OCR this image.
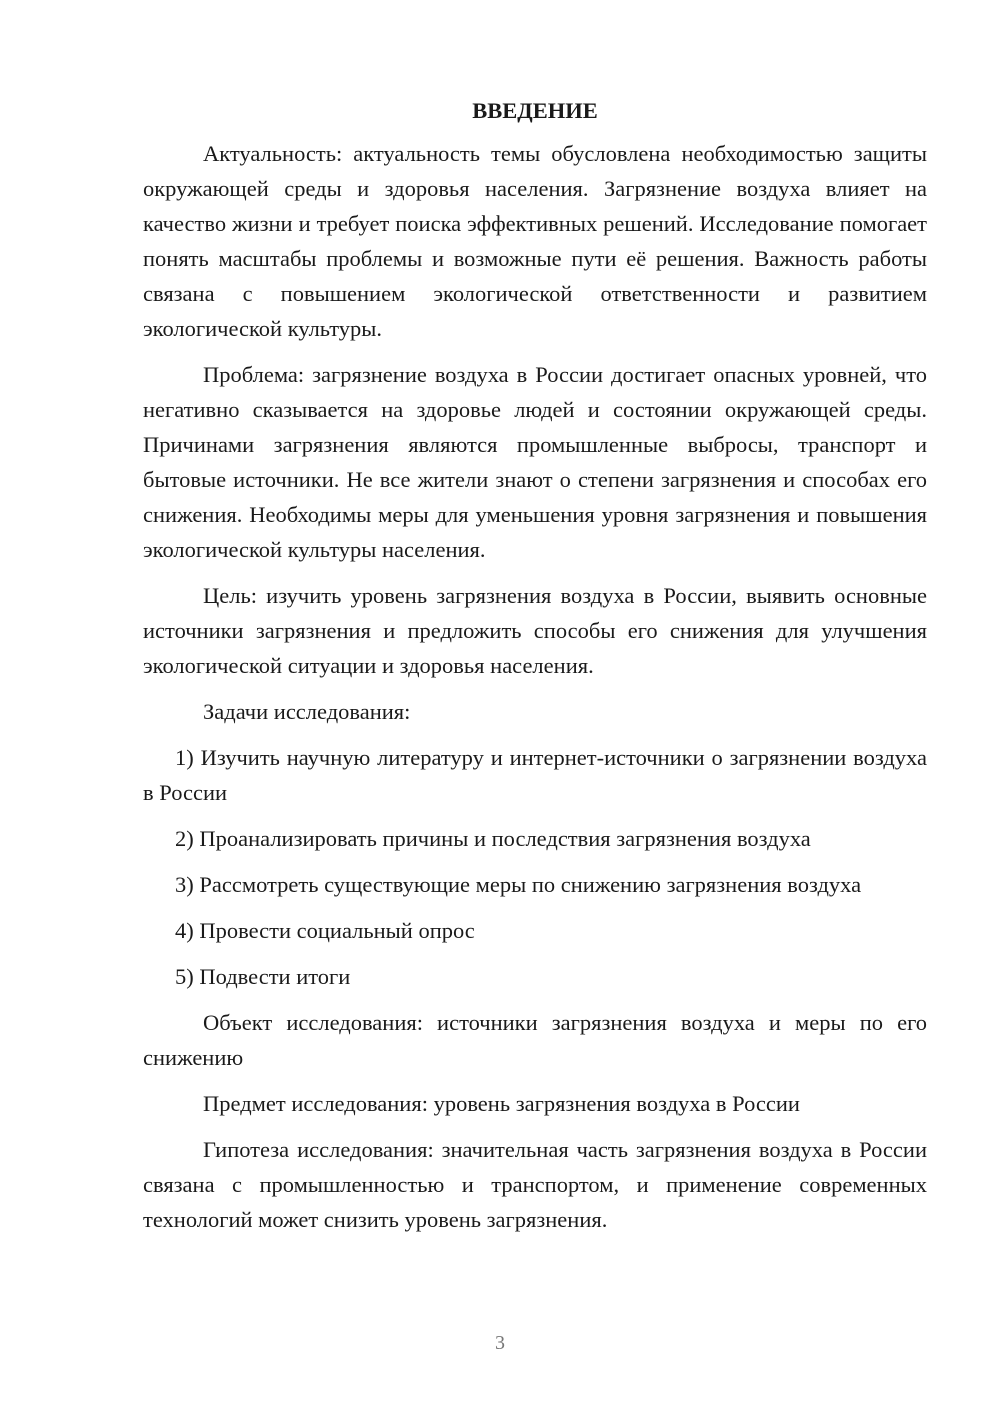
ВВЕДЕНИЕ

Актуальность: актуальность темы обусловлена необходимостью защиты окружающей среды и здоровья населения. Загрязнение воздуха влияет на качество жизни и требует поиска эффективных решений. Исследование помогает понять масштабы проблемы и возможные пути её решения. Важность работы связана с повышением экологической ответственности и развитием экологической культуры.

Проблема: загрязнение воздуха в России достигает опасных уровней, что негативно сказывается на здоровье людей и состоянии окружающей среды. Причинами загрязнения являются промышленные выбросы, транспорт и бытовые источники. Не все жители знают о степени загрязнения и способах его снижения. Необходимы меры для уменьшения уровня загрязнения и повышения экологической культуры населения.

Цель: изучить уровень загрязнения воздуха в России, выявить основные источники загрязнения и предложить способы его снижения для улучшения экологической ситуации и здоровья населения.

Задачи исследования:

1) Изучить научную литературу и интернет-источники о загрязнении воздуха в России

2) Проанализировать причины и последствия загрязнения воздуха

3) Рассмотреть существующие меры по снижению загрязнения воздуха

4) Провести социальный опрос

5) Подвести итоги

Объект исследования: источники загрязнения воздуха и меры по его снижению

Предмет исследования: уровень загрязнения воздуха в России

Гипотеза исследования: значительная часть загрязнения воздуха в России связана с промышленностью и транспортом, и применение современных технологий может снизить уровень загрязнения.

3
